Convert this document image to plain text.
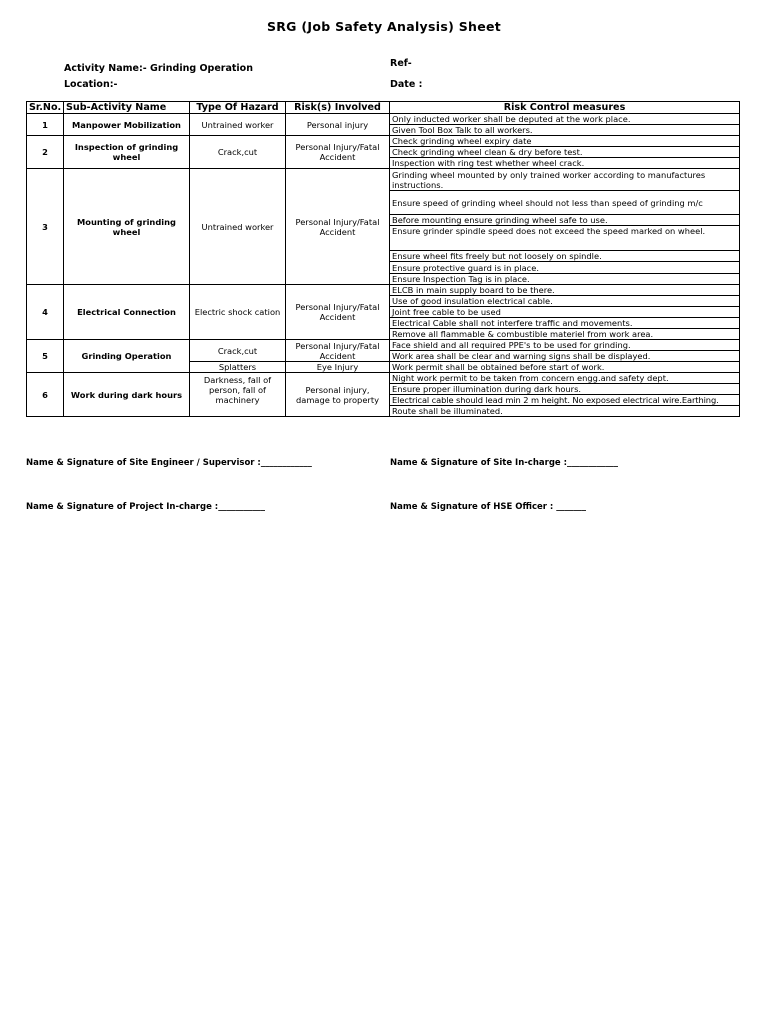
SRG (Job Safety Analysis) Sheet
Activity Name:- Grinding Operation
Location:-
Ref-
Date :
Sr.No.	Sub-Activity Name	Type Of Hazard	Risk(s) Involved	Risk Control measures
1	Manpower Mobilization	Untrained worker	Personal injury	Only inducted worker shall be deputed at the work place.
				Given Tool Box Talk to all workers.
2	Inspection of grinding wheel	Crack,cut	Personal Injury/Fatal Accident	Check grinding wheel expiry date
				Check grinding wheel clean & dry before test.
				Inspection with ring test whether wheel crack.
3	Mounting of grinding wheel	Untrained worker	Personal Injury/Fatal Accident	Grinding wheel mounted by only trained worker according to manufactures instructions.
				Ensure speed of grinding wheel should not less than speed of grinding m/c
				Before mounting ensure grinding wheel safe to use.
				Ensure grinder spindle speed does not exceed the speed marked on wheel.
				Ensure wheel fits freely but not loosely on spindle.
				Ensure protective guard is in place.
				Ensure Inspection Tag is in place.
4	Electrical Connection	Electric shock cation	Personal Injury/Fatal Accident	ELCB in main supply board to be there.
				Use of good insulation electrical cable.
				Joint free cable to be used
				Electrical Cable shall not interfere traffic and movements.
				Remove all flammable & combustible materiel from work area.
5	Grinding Operation	Crack,cut	Personal Injury/Fatal Accident	Face shield and all required PPE's to be used for grinding.
				Work area shall be clear and warning signs shall be displayed.
		Splatters	Eye Injury	Work permit shall be obtained before start of work.
6	Work during dark hours	Darkness, fall of person, fall of machinery	Personal injury, damage to property	Night work permit to be taken from concern engg.and safety dept.
				Ensure proper illumination during dark hours.
				Electrical cable should lead min 2 m height. No exposed electrical wire.Earthing.
				Route shall be illuminated.
Name & Signature of Site Engineer / Supervisor :____________	Name & Signature of Site In-charge :____________
Name & Signature of Project In-charge :___________	Name & Signature of HSE Officer : _______
